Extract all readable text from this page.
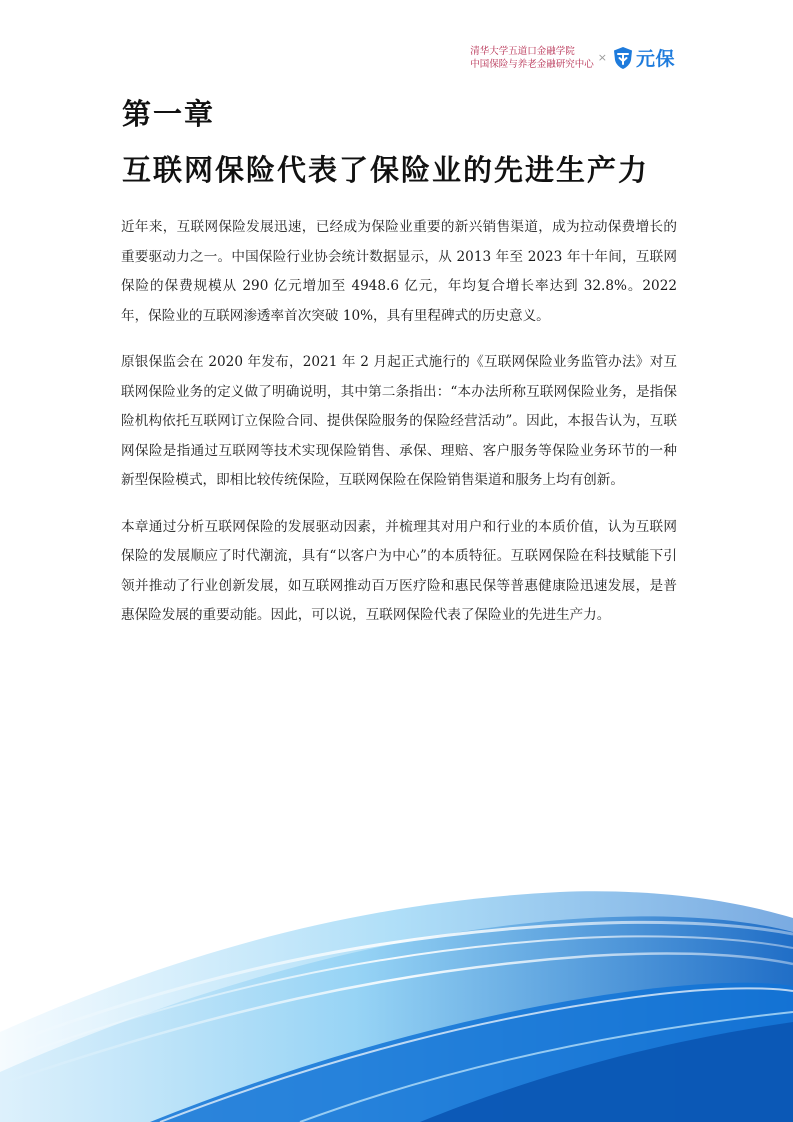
清华大学五道口金融学院
中国保险与养老金融研究中心 × 元保
第一章
互联网保险代表了保险业的先进生产力

近年来，互联网保险发展迅速，已经成为保险业重要的新兴销售渠道，成为拉动保费增长的重要驱动力之一。中国保险行业协会统计数据显示，从 2013 年至 2023 年十年间，互联网保险的保费规模从 290 亿元增加至 4948.6 亿元，年均复合增长率达到 32.8%。2022 年，保险业的互联网渗透率首次突破 10%，具有里程碑式的历史意义。

原银保监会在 2020 年发布，2021 年 2 月起正式施行的《互联网保险业务监管办法》对互联网保险业务的定义做了明确说明，其中第二条指出：“本办法所称互联网保险业务，是指保险机构依托互联网订立保险合同、提供保险服务的保险经营活动”。因此，本报告认为，互联网保险是指通过互联网等技术实现保险销售、承保、理赔、客户服务等保险业务环节的一种新型保险模式，即相比较传统保险，互联网保险在保险销售渠道和服务上均有创新。

本章通过分析互联网保险的发展驱动因素，并梳理其对用户和行业的本质价值，认为互联网保险的发展顺应了时代潮流，具有“以客户为中心”的本质特征。互联网保险在科技赋能下引领并推动了行业创新发展，如互联网推动百万医疗险和惠民保等普惠健康险迅速发展，是普惠保险发展的重要动能。因此，可以说，互联网保险代表了保险业的先进生产力。
